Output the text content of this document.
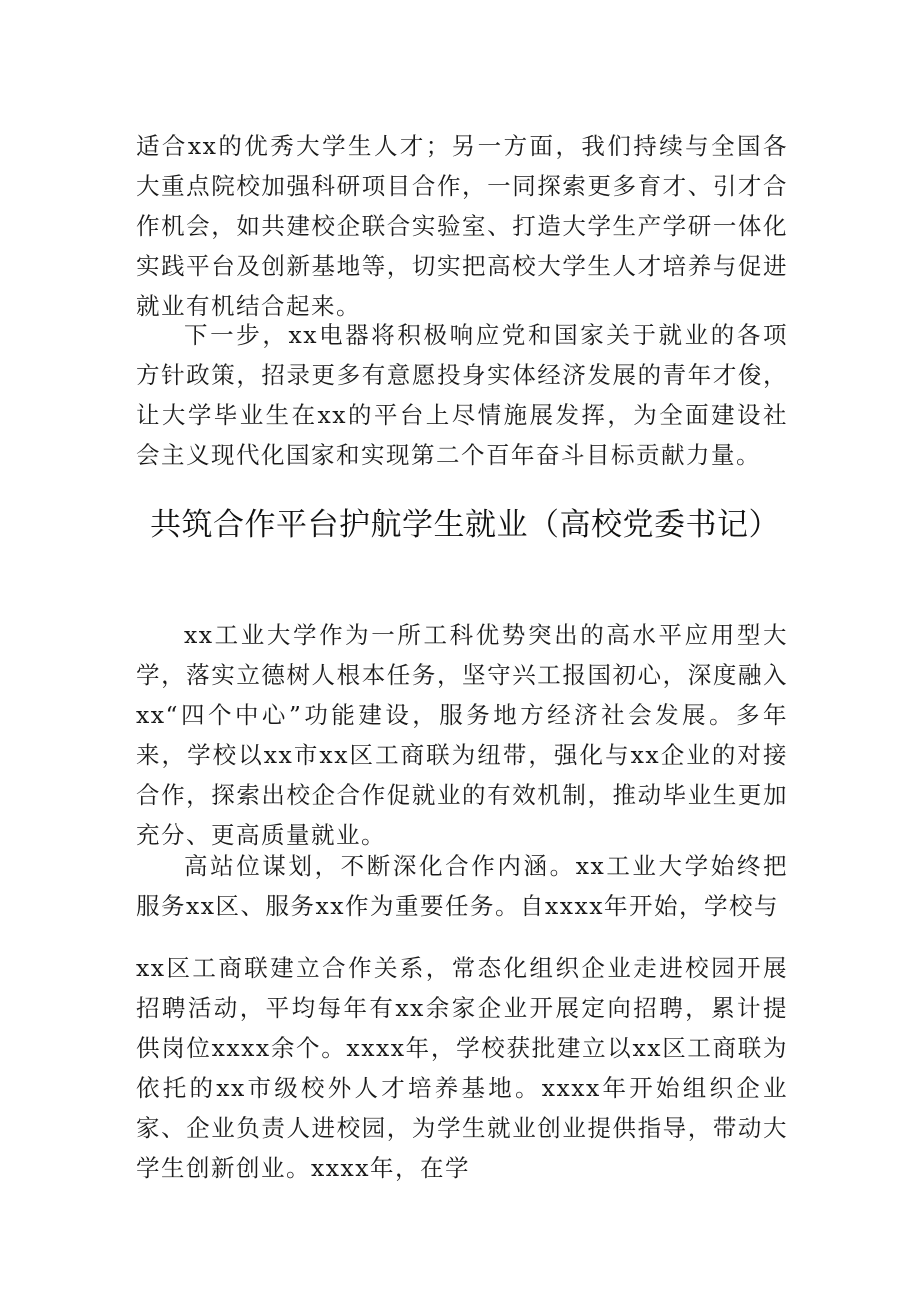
适合xx的优秀大学生人才；另一方面，我们持续与全国各大重点院校加强科研项目合作，一同探索更多育才、引才合作机会，如共建校企联合实验室、打造大学生产学研一体化实践平台及创新基地等，切实把高校大学生人才培养与促进就业有机结合起来。

下一步，xx电器将积极响应党和国家关于就业的各项方针政策，招录更多有意愿投身实体经济发展的青年才俊，让大学毕业生在xx的平台上尽情施展发挥，为全面建设社会主义现代化国家和实现第二个百年奋斗目标贡献力量。

共筑合作平台护航学生就业（高校党委书记）

xx工业大学作为一所工科优势突出的高水平应用型大学，落实立德树人根本任务，坚守兴工报国初心，深度融入xx“四个中心”功能建设，服务地方经济社会发展。多年来，学校以xx市xx区工商联为纽带，强化与xx企业的对接合作，探索出校企合作促就业的有效机制，推动毕业生更加充分、更高质量就业。

高站位谋划，不断深化合作内涵。xx工业大学始终把服务xx区、服务xx作为重要任务。自xxxx年开始，学校与

xx区工商联建立合作关系，常态化组织企业走进校园开展招聘活动，平均每年有xx余家企业开展定向招聘，累计提供岗位xxxx余个。xxxx年，学校获批建立以xx区工商联为依托的xx市级校外人才培养基地。xxxx年开始组织企业家、企业负责人进校园，为学生就业创业提供指导，带动大学生创新创业。xxxx年，在学
